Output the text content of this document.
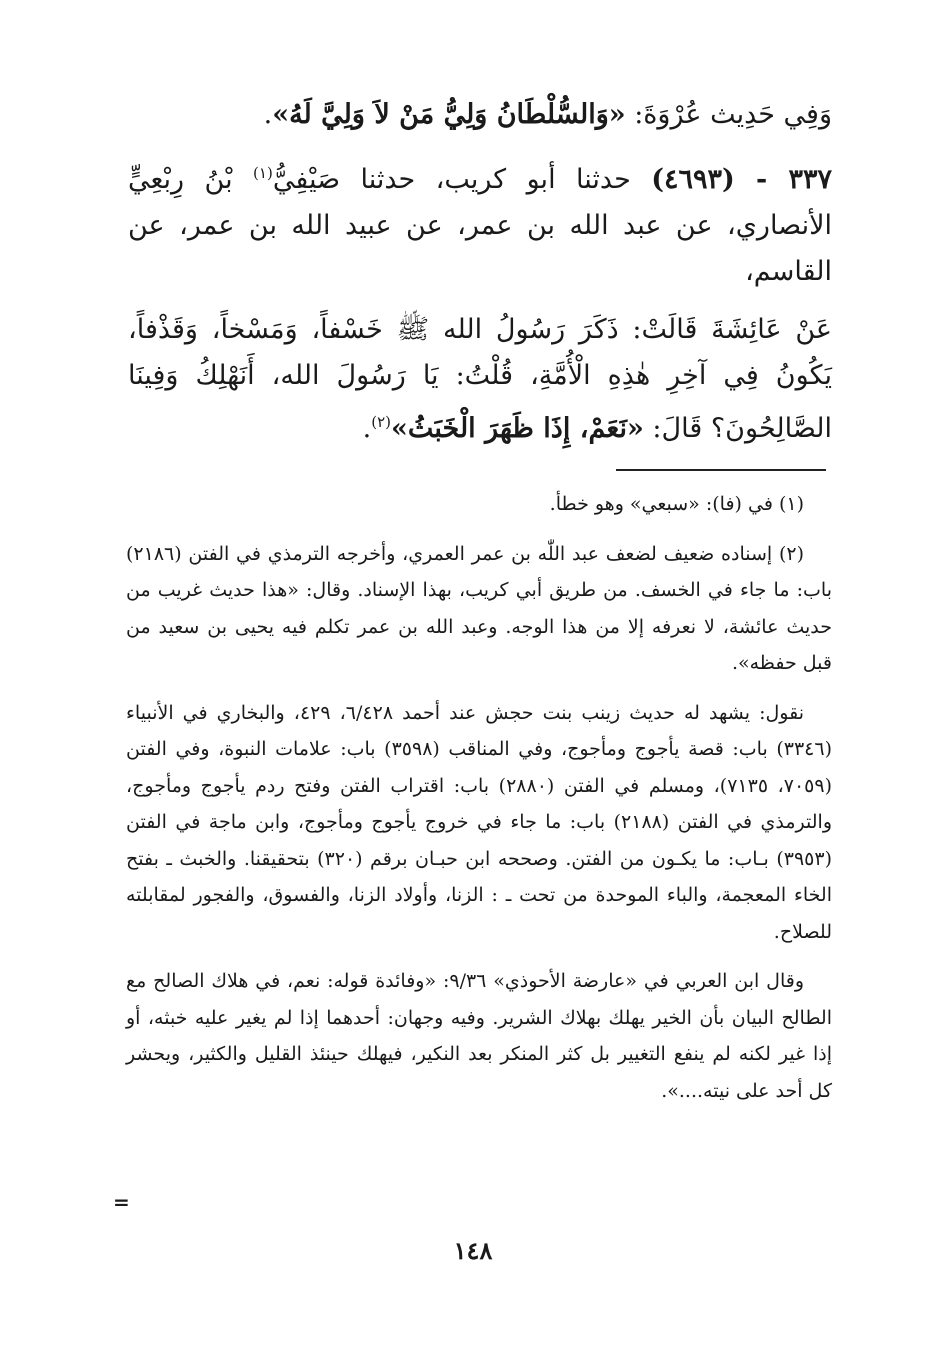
وَفِي حَدِيث عُرْوَةَ: «وَالسُّلْطَانُ وَلِيُّ مَنْ لاَ وَلِيَّ لَهُ».

٣٣٧ - (٤٦٩٣) حدثنا أبو كريب، حدثنا صَيْفِيُّ$^{(١)}$ بْنُ رِبْعِيٍّ الأنصاري، عن عبد الله بن عمر، عن عبيد الله بن عمر، عن القاسم،

عَنْ عَائِشَةَ قَالَتْ: ذَكَرَ رَسُولُ الله ﷺ خَسْفاً، وَمَسْخاً، وَقَذْفاً، يَكُونُ فِي آخِرِ هٰذِهِ الْأُمَّةِ، قُلْتُ: يَا رَسُولَ الله، أَنَهْلِكُ وَفِينَا الصَّالِحُونَ؟ قَالَ: «نَعَمْ، إِذَا ظَهَرَ الْخَبَثُ»$^{(٢)}$.

(١) في (فا): «سبعي» وهو خطأ.

(٢) إسناده ضعيف لضعف عبد اللّٰه بن عمر العمري، وأخرجه الترمذي في الفتن (٢١٨٦) باب: ما جاء في الخسف. من طريق أبي كريب، بهذا الإسناد. وقال: «هذا حديث غريب من حديث عائشة، لا نعرفه إلا من هذا الوجه. وعبد الله بن عمر تكلم فيه يحيى بن سعيد من قبل حفظه».

نقول: يشهد له حديث زينب بنت حجش عند أحمد ٦/٤٢٨، ٤٢٩، والبخاري في الأنبياء (٣٣٤٦) باب: قصة يأجوج ومأجوج، وفي المناقب (٣٥٩٨) باب: علامات النبوة، وفي الفتن (٧٠٥٩، ٧١٣٥)، ومسلم في الفتن (٢٨٨٠) باب: اقتراب الفتن وفتح ردم يأجوج ومأجوج، والترمذي في الفتن (٢١٨٨) باب: ما جاء في خروج يأجوج ومأجوج، وابن ماجة في الفتن (٣٩٥٣) بـاب: ما يكـون من الفتن. وصححه ابن حبـان برقم (٣٢٠) بتحقيقنا. والخبث ـ بفتح الخاء المعجمة، والباء الموحدة من تحت ـ : الزنا، وأولاد الزنا، والفسوق، والفجور لمقابلته للصلاح.

وقال ابن العربي في «عارضة الأحوذي» ٩/٣٦: «وفائدة قوله: نعم، في هلاك الصالح مع الطالح البيان بأن الخير يهلك بهلاك الشرير. وفيه وجهان: أحدهما إذا لم يغير عليه خبثه، أو إذا غير لكنه لم ينفع التغيير بل كثر المنكر بعد النكير، فيهلك حينئذ القليل والكثير، ويحشر كل أحد على نيته....».

=
١٤٨
